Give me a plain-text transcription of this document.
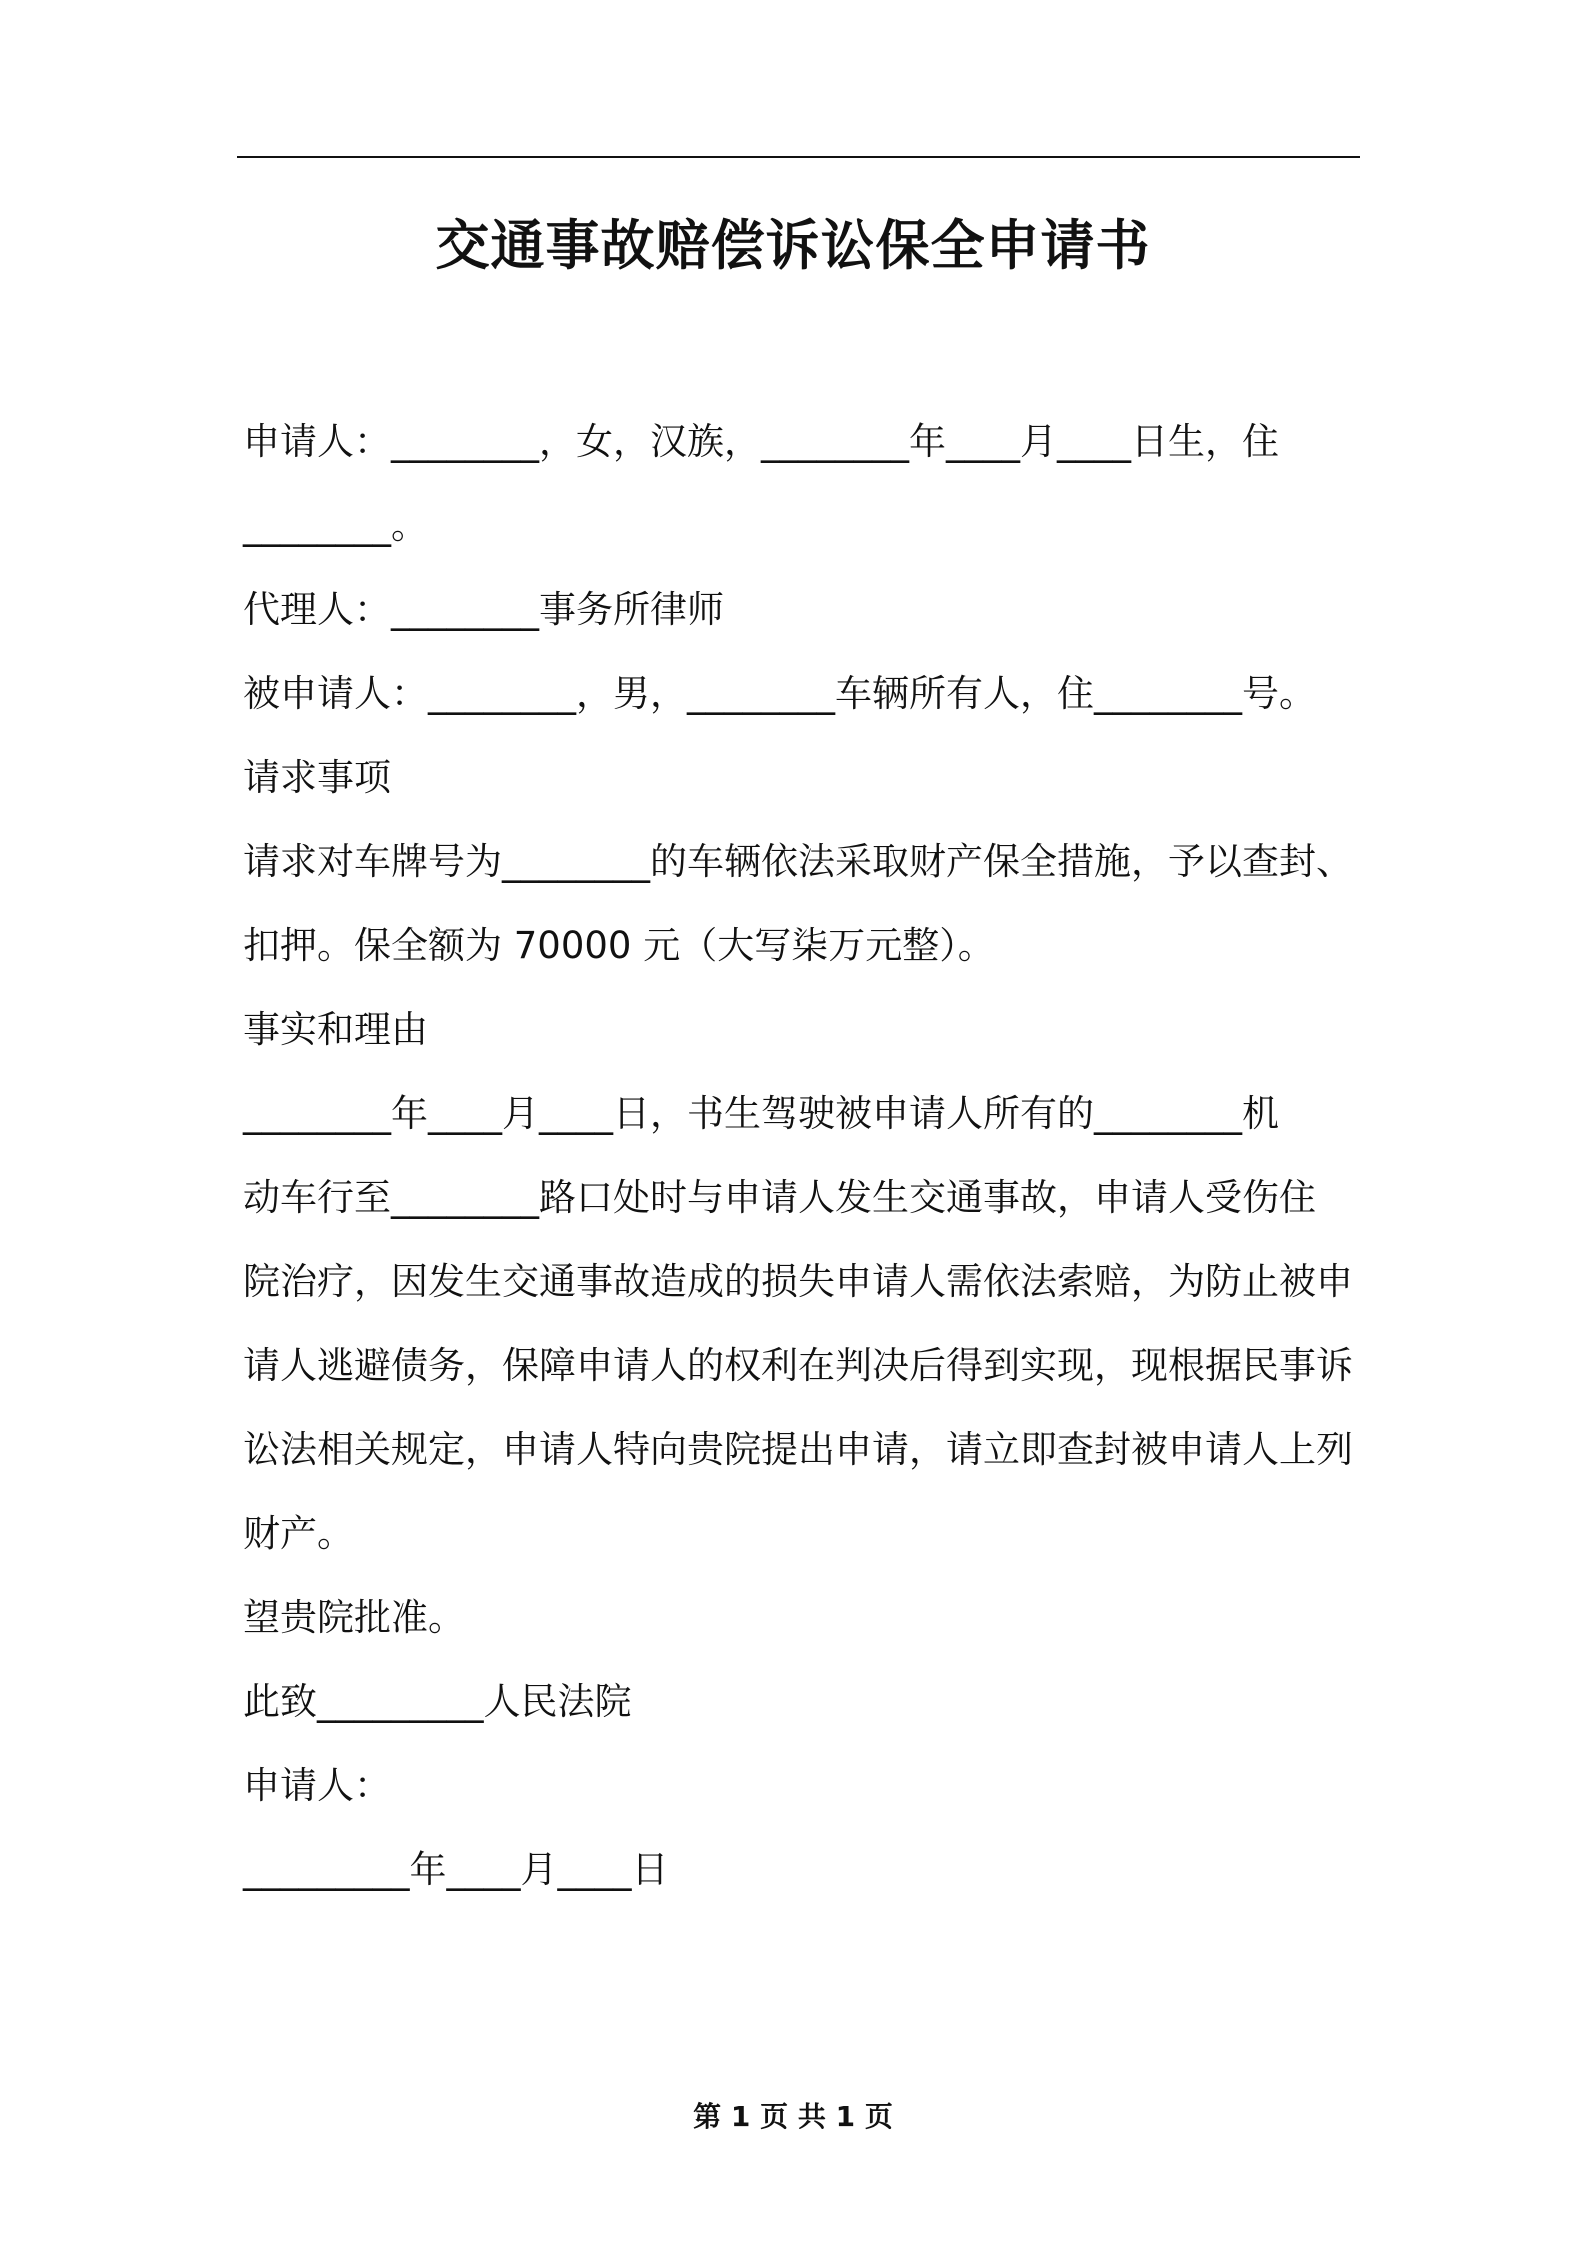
交通事故赔偿诉讼保全申请书
申请人：________，女，汉族，________年____月____日生，住
________。
代理人：________事务所律师
被申请人：________，男，________车辆所有人，住________号。
请求事项
请求对车牌号为________的车辆依法采取财产保全措施，予以查封、
扣押。保全额为 70000 元（大写柒万元整）。
事实和理由
________年____月____日，书生驾驶被申请人所有的________机
动车行至________路口处时与申请人发生交通事故，申请人受伤住
院治疗，因发生交通事故造成的损失申请人需依法索赔，为防止被申
请人逃避债务，保障申请人的权利在判决后得到实现，现根据民事诉
讼法相关规定，申请人特向贵院提出申请，请立即查封被申请人上列
财产。
望贵院批准。
此致_________人民法院
申请人：
_________年____月____日
第 1 页 共 1 页
